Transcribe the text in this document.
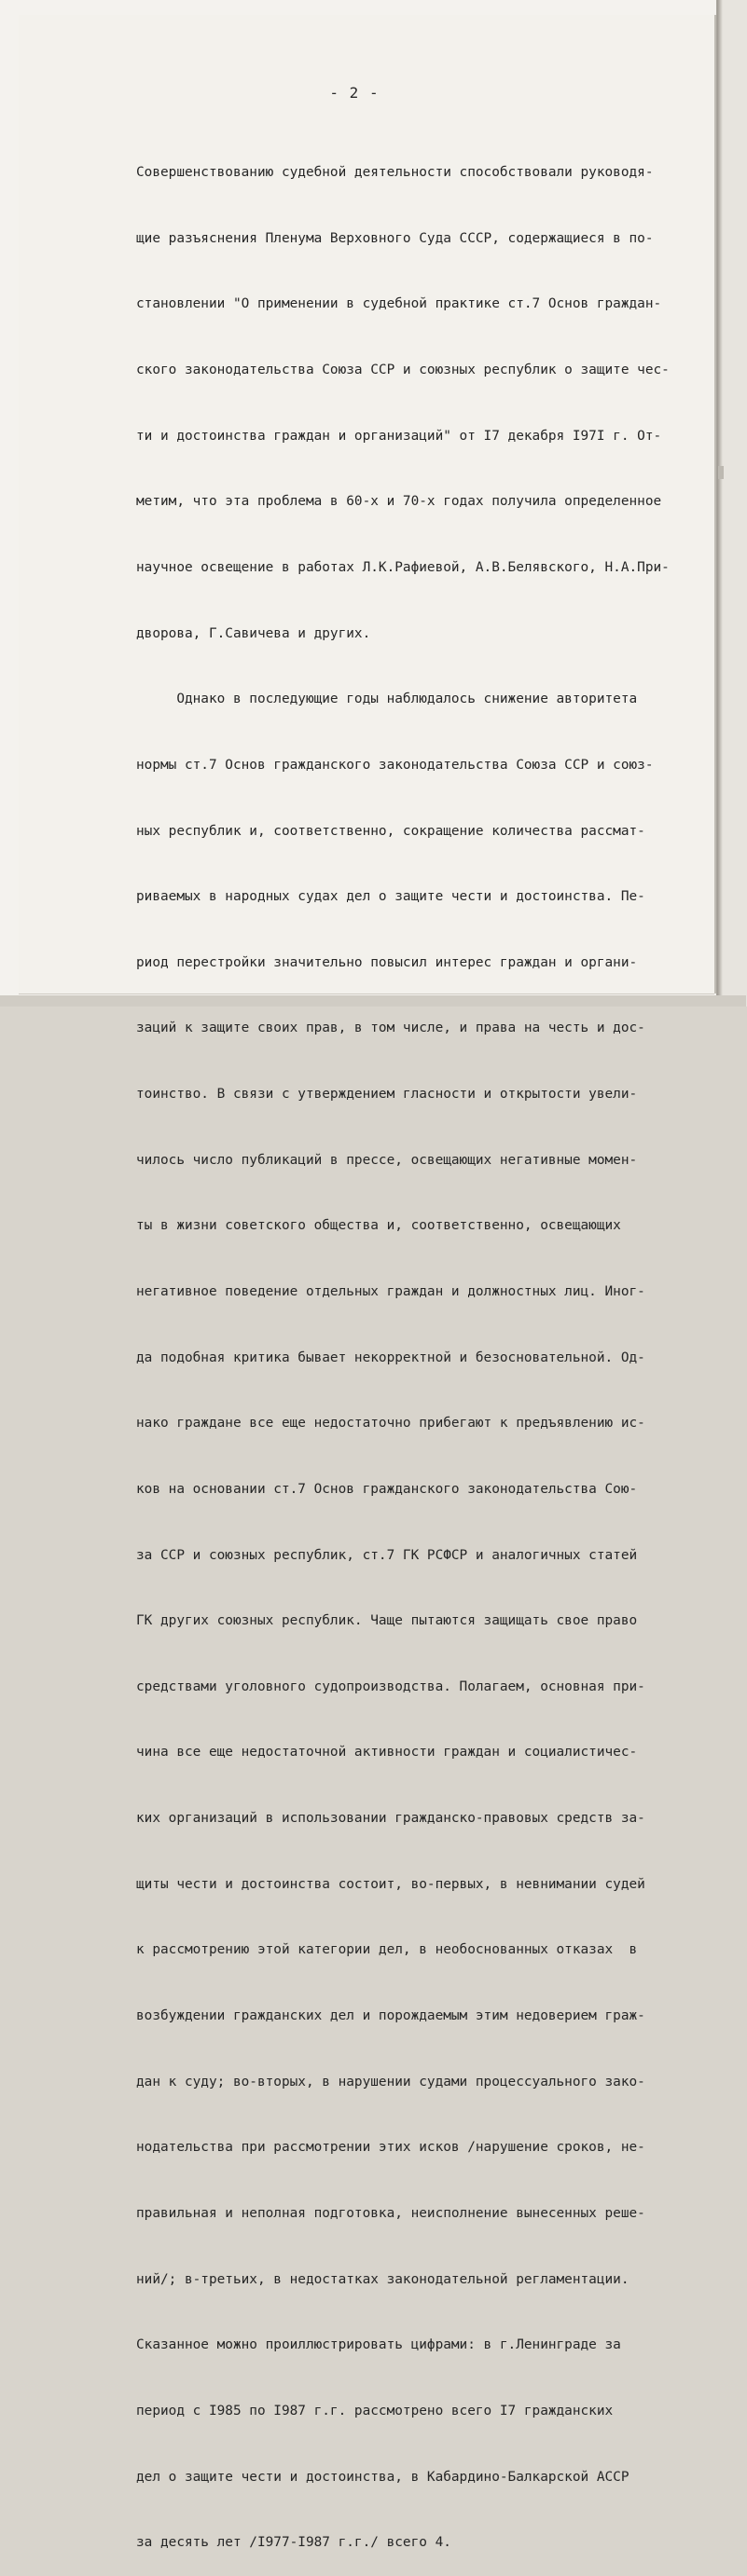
- 2 -

Совершенствованию судебной деятельности способствовали руководя-

щие разъяснения Пленума Верховного Суда СССР, содержащиеся в по-

становлении "О применении в судебной практике ст.7 Основ граждан-

ского законодательства Союза ССР и союзных республик о защите чес-

ти и достоинства граждан и организаций" от I7 декабря I97I г. От-

метим, что эта проблема в 60-х и 70-х годах получила определенное

научное освещение в работах Л.К.Рафиевой, А.В.Белявского, Н.А.При-

дворова, Г.Савичева и других.

Однако в последующие годы наблюдалось снижение авторитета

нормы ст.7 Основ гражданского законодательства Союза ССР и союз-

ных республик и, соответственно, сокращение количества рассмат-

риваемых в народных судах дел о защите чести и достоинства. Пе-

риод перестройки значительно повысил интерес граждан и органи-

заций к защите своих прав, в том числе, и права на честь и дос-

тоинство. В связи с утверждением гласности и открытости увели-

чилось число публикаций в прессе, освещающих негативные момен-

ты в жизни советского общества и, соответственно, освещающих

негативное поведение отдельных граждан и должностных лиц. Иног-

да подобная критика бывает некорректной и безосновательной. Од-

нако граждане все еще недостаточно прибегают к предъявлению ис-

ков на основании ст.7 Основ гражданского законодательства Сою-

за ССР и союзных республик, ст.7 ГК РСФСР и аналогичных статей

ГК других союзных республик. Чаще пытаются защищать свое право

средствами уголовного судопроизводства. Полагаем, основная при-

чина все еще недостаточной активности граждан и социалистичес-

ких организаций в использовании гражданско-правовых средств за-

щиты чести и достоинства состоит, во-первых, в невнимании судей

к рассмотрению этой категории дел, в необоснованных отказах  в

возбуждении гражданских дел и порождаемым этим недоверием граж-

дан к суду; во-вторых, в нарушении судами процессуального зако-

нодательства при рассмотрении этих исков /нарушение сроков, не-

правильная и неполная подготовка, неисполнение вынесенных реше-

ний/; в-третьих, в недостатках законодательной регламентации.

Сказанное можно проиллюстрировать цифрами: в г.Ленинграде за

период с I985 по I987 г.г. рассмотрено всего I7 гражданских

дел о защите чести и достоинства, в Кабардино-Балкарской АССР

за десять лет /I977-I987 г.г./ всего 4.
